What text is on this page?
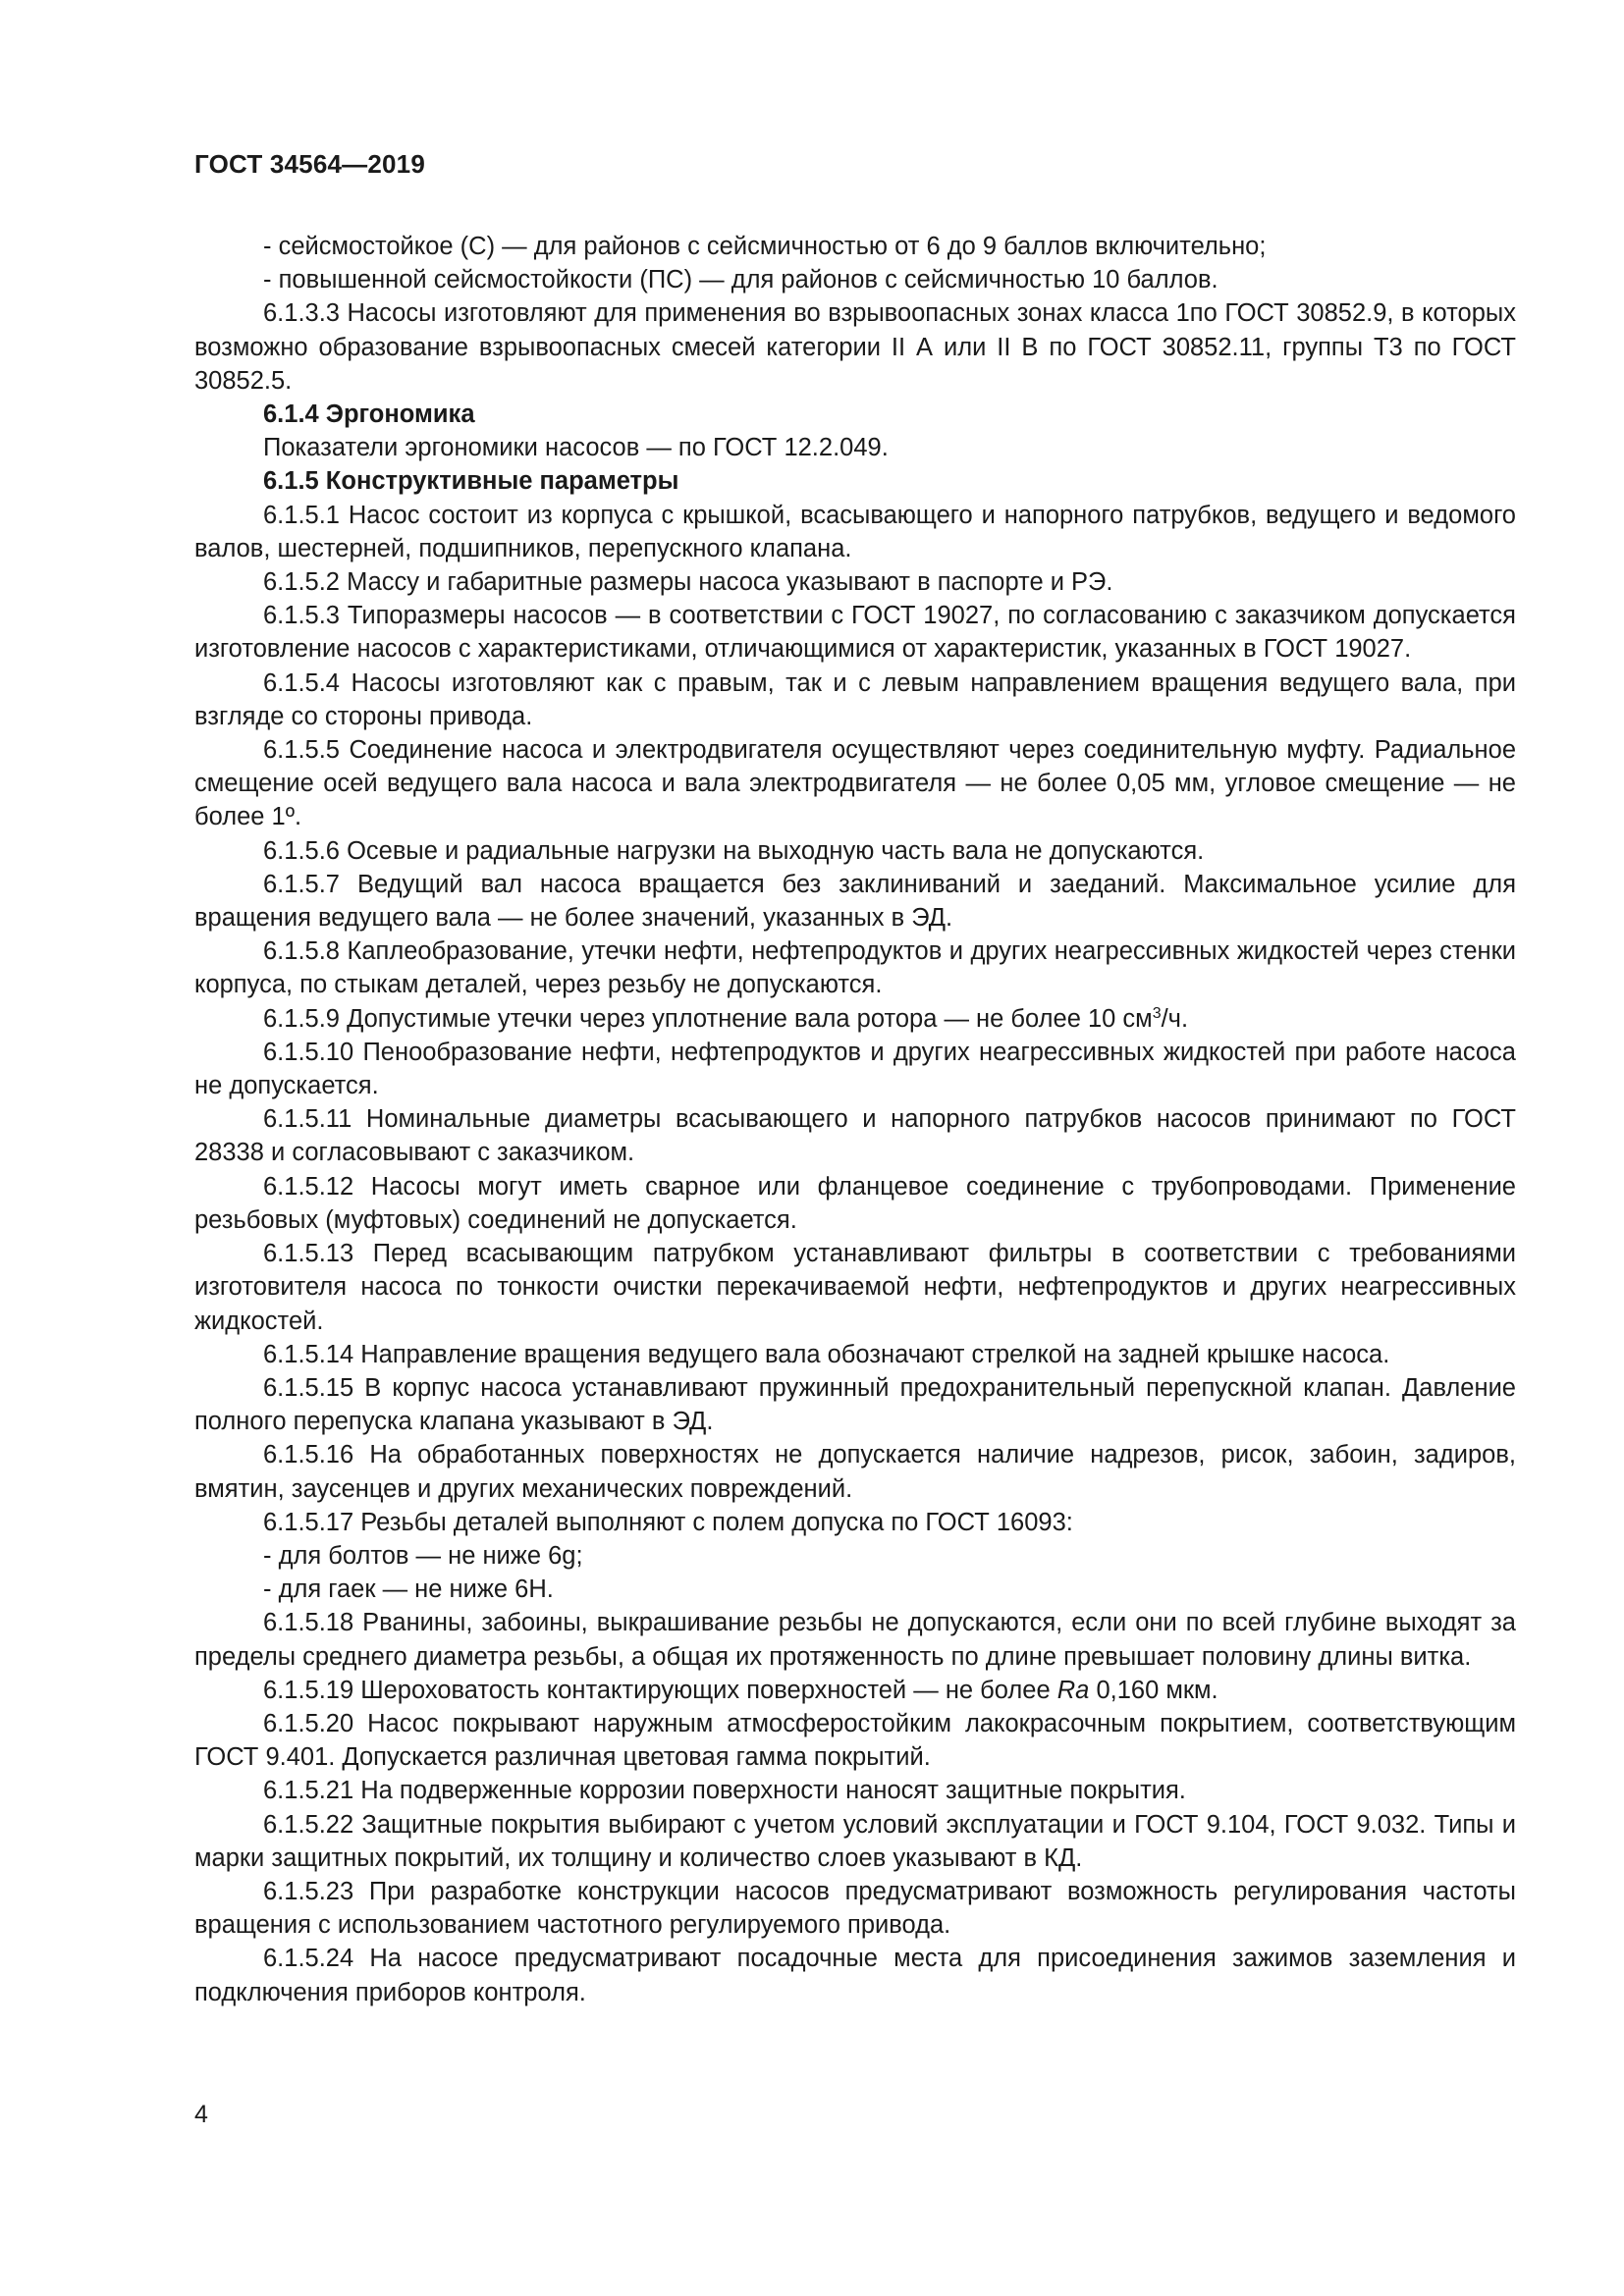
ГОСТ 34564—2019

- сейсмостойкое (С) — для районов с сейсмичностью от 6 до 9 баллов включительно;

- повышенной сейсмостойкости (ПС) — для районов с сейсмичностью 10 баллов.

6.1.3.3 Насосы изготовляют для применения во взрывоопасных зонах класса 1по ГОСТ 30852.9, в которых возможно образование взрывоопасных смесей категории II А или II В по ГОСТ 30852.11, группы Т3 по ГОСТ 30852.5.

6.1.4 Эргономика

Показатели эргономики насосов — по ГОСТ 12.2.049.

6.1.5 Конструктивные параметры

6.1.5.1 Насос состоит из корпуса с крышкой, всасывающего и напорного патрубков, ведущего и ведомого валов, шестерней, подшипников, перепускного клапана.

6.1.5.2 Массу и габаритные размеры насоса указывают в паспорте и РЭ.

6.1.5.3 Типоразмеры насосов — в соответствии с ГОСТ 19027, по согласованию с заказчиком допускается изготовление насосов с характеристиками, отличающимися от характеристик, указанных в ГОСТ 19027.

6.1.5.4 Насосы изготовляют как с правым, так и с левым направлением вращения ведущего вала, при взгляде со стороны привода.

6.1.5.5 Соединение насоса и электродвигателя осуществляют через соединительную муфту. Радиальное смещение осей ведущего вала насоса и вала электродвигателя — не более 0,05 мм, угловое смещение — не более 1º.

6.1.5.6 Осевые и радиальные нагрузки на выходную часть вала не допускаются.

6.1.5.7 Ведущий вал насоса вращается без заклиниваний и заеданий. Максимальное усилие для вращения ведущего вала — не более значений, указанных в ЭД.

6.1.5.8 Каплеобразование, утечки нефти, нефтепродуктов и других неагрессивных жидкостей через стенки корпуса, по стыкам деталей, через резьбу не допускаются.

6.1.5.9 Допустимые утечки через уплотнение вала ротора — не более 10 $см^3/ч$.

6.1.5.10 Пенообразование нефти, нефтепродуктов и других неагрессивных жидкостей при работе насоса не допускается.

6.1.5.11 Номинальные диаметры всасывающего и напорного патрубков насосов принимают по ГОСТ 28338 и согласовывают с заказчиком.

6.1.5.12 Насосы могут иметь сварное или фланцевое соединение с трубопроводами. Применение резьбовых (муфтовых) соединений не допускается.

6.1.5.13 Перед всасывающим патрубком устанавливают фильтры в соответствии с требованиями изготовителя насоса по тонкости очистки перекачиваемой нефти, нефтепродуктов и других неагрессивных жидкостей.

6.1.5.14 Направление вращения ведущего вала обозначают стрелкой на задней крышке насоса.

6.1.5.15 В корпус насоса устанавливают пружинный предохранительный перепускной клапан. Давление полного перепуска клапана указывают в ЭД.

6.1.5.16 На обработанных поверхностях не допускается наличие надрезов, рисок, забоин, задиров, вмятин, заусенцев и других механических повреждений.

6.1.5.17 Резьбы деталей выполняют с полем допуска по ГОСТ 16093:

- для болтов — не ниже 6g;

- для гаек — не ниже 6Н.

6.1.5.18 Рванины, забоины, выкрашивание резьбы не допускаются, если они по всей глубине выходят за пределы среднего диаметра резьбы, а общая их протяженность по длине превышает половину длины витка.

6.1.5.19 Шероховатость контактирующих поверхностей — не более Ra 0,160 мкм.

6.1.5.20 Насос покрывают наружным атмосферостойким лакокрасочным покрытием, соответствующим ГОСТ 9.401. Допускается различная цветовая гамма покрытий.

6.1.5.21 На подверженные коррозии поверхности наносят защитные покрытия.

6.1.5.22 Защитные покрытия выбирают с учетом условий эксплуатации и ГОСТ 9.104, ГОСТ 9.032. Типы и марки защитных покрытий, их толщину и количество слоев указывают в КД.

6.1.5.23 При разработке конструкции насосов предусматривают возможность регулирования частоты вращения с использованием частотного регулируемого привода.

6.1.5.24 На насосе предусматривают посадочные места для присоединения зажимов заземления и подключения приборов контроля.

4
